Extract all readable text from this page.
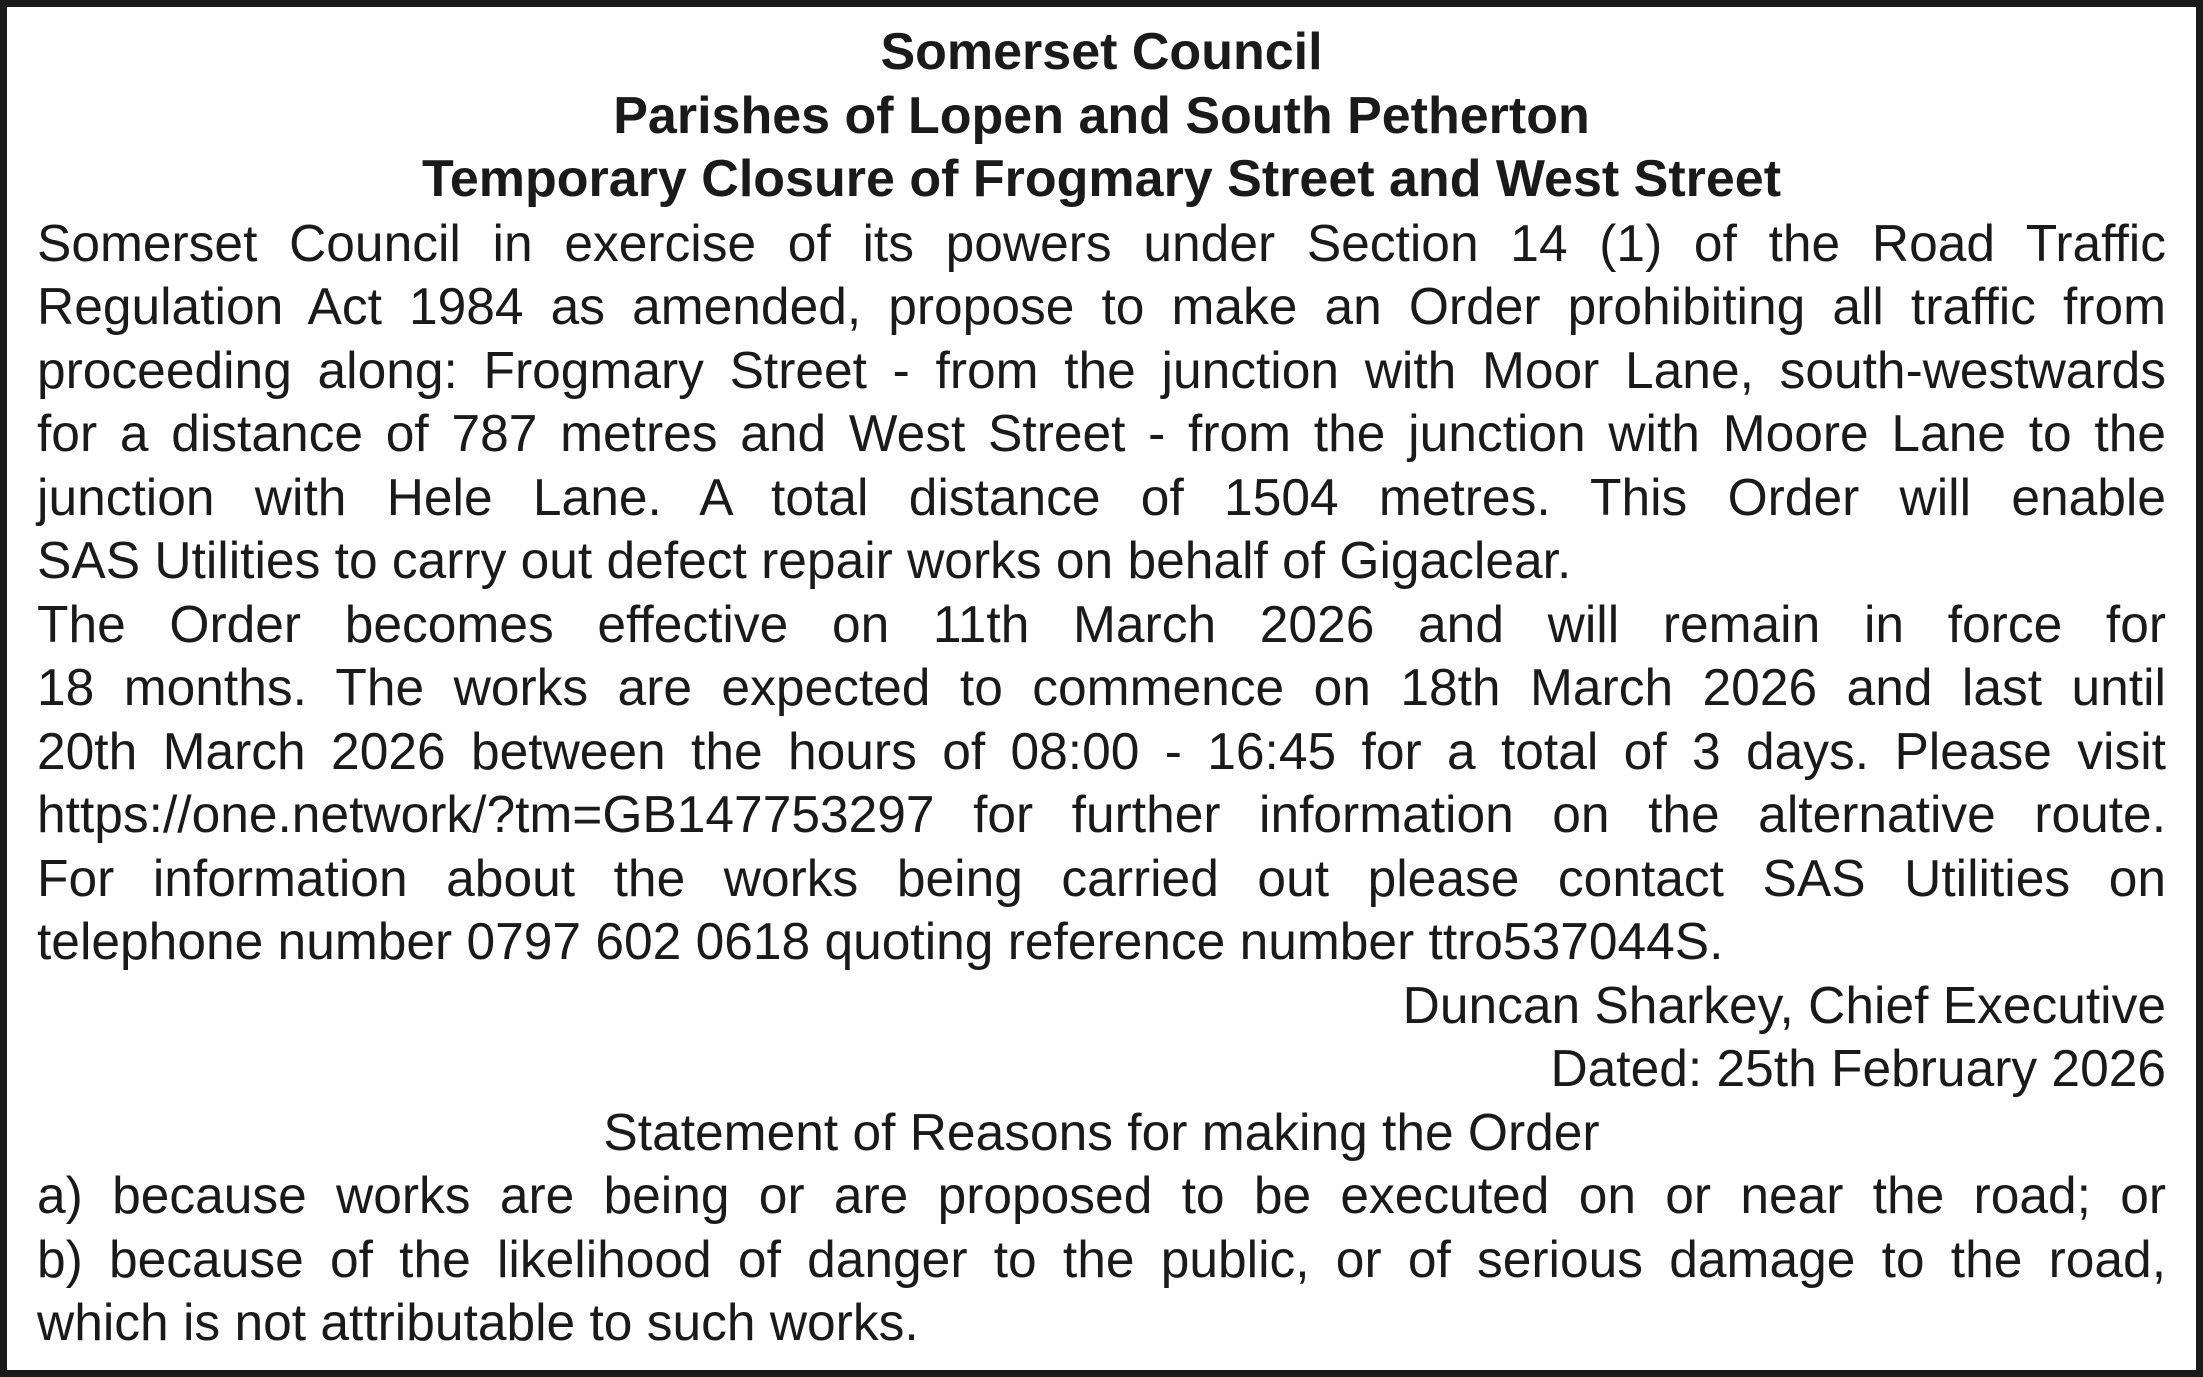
Somerset Council
Parishes of Lopen and South Petherton
Temporary Closure of Frogmary Street and West Street
Somerset Council in exercise of its powers under Section 14 (1) of the Road Traffic
Regulation Act 1984 as amended, propose to make an Order prohibiting all traffic from
proceeding along: Frogmary Street - from the junction with Moor Lane, south-westwards
for a distance of 787 metres and West Street - from the junction with Moore Lane to the
junction with Hele Lane. A total distance of 1504 metres. This Order will enable
SAS Utilities to carry out defect repair works on behalf of Gigaclear.
The Order becomes effective on 11th March 2026 and will remain in force for
18 months. The works are expected to commence on 18th March 2026 and last until
20th March 2026 between the hours of 08:00 - 16:45 for a total of 3 days. Please visit
https://one.network/?tm=GB147753297 for further information on the alternative route.
For information about the works being carried out please contact SAS Utilities on
telephone number 0797 602 0618 quoting reference number ttro537044S.
Duncan Sharkey, Chief Executive
Dated: 25th February 2026
Statement of Reasons for making the Order
a) because works are being or are proposed to be executed on or near the road; or
b) because of the likelihood of danger to the public, or of serious damage to the road,
which is not attributable to such works.
